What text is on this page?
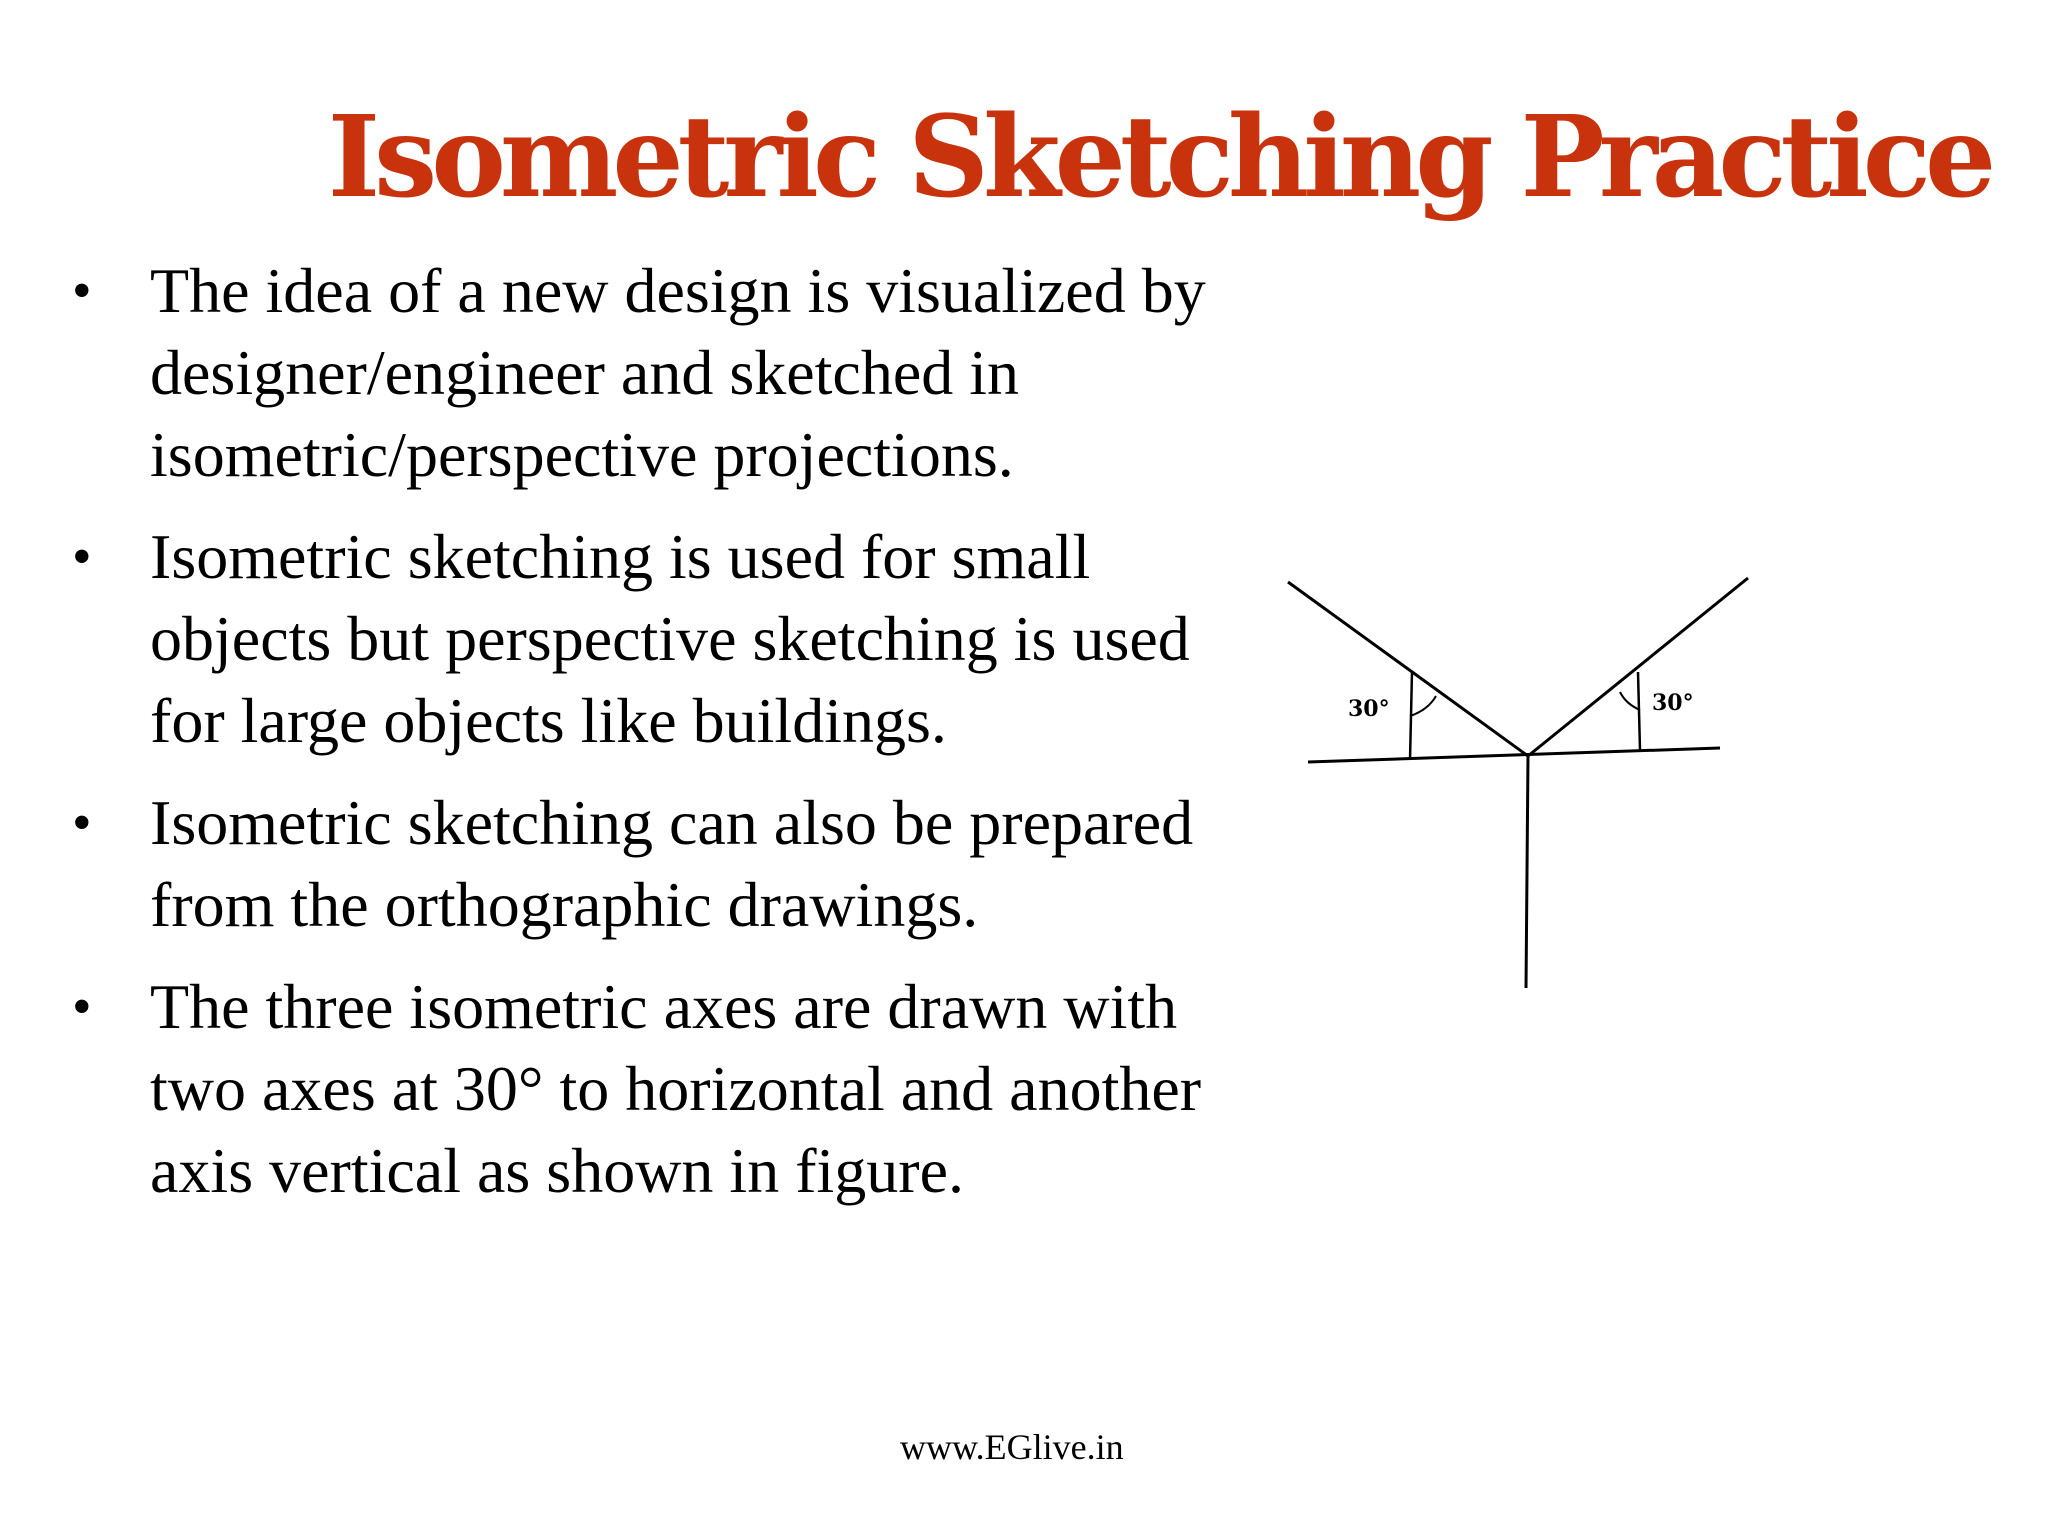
Isometric Sketching Practice
• The idea of a new design is visualized by designer/engineer and sketched in isometric/perspective projections.
• Isometric sketching is used for small objects but perspective sketching is used for large objects like buildings.
• Isometric sketching can also be prepared from the orthographic drawings.
• The three isometric axes are drawn with two axes at 30° to horizontal and another axis vertical as shown in figure.
30°	30°
www.EGlive.in
